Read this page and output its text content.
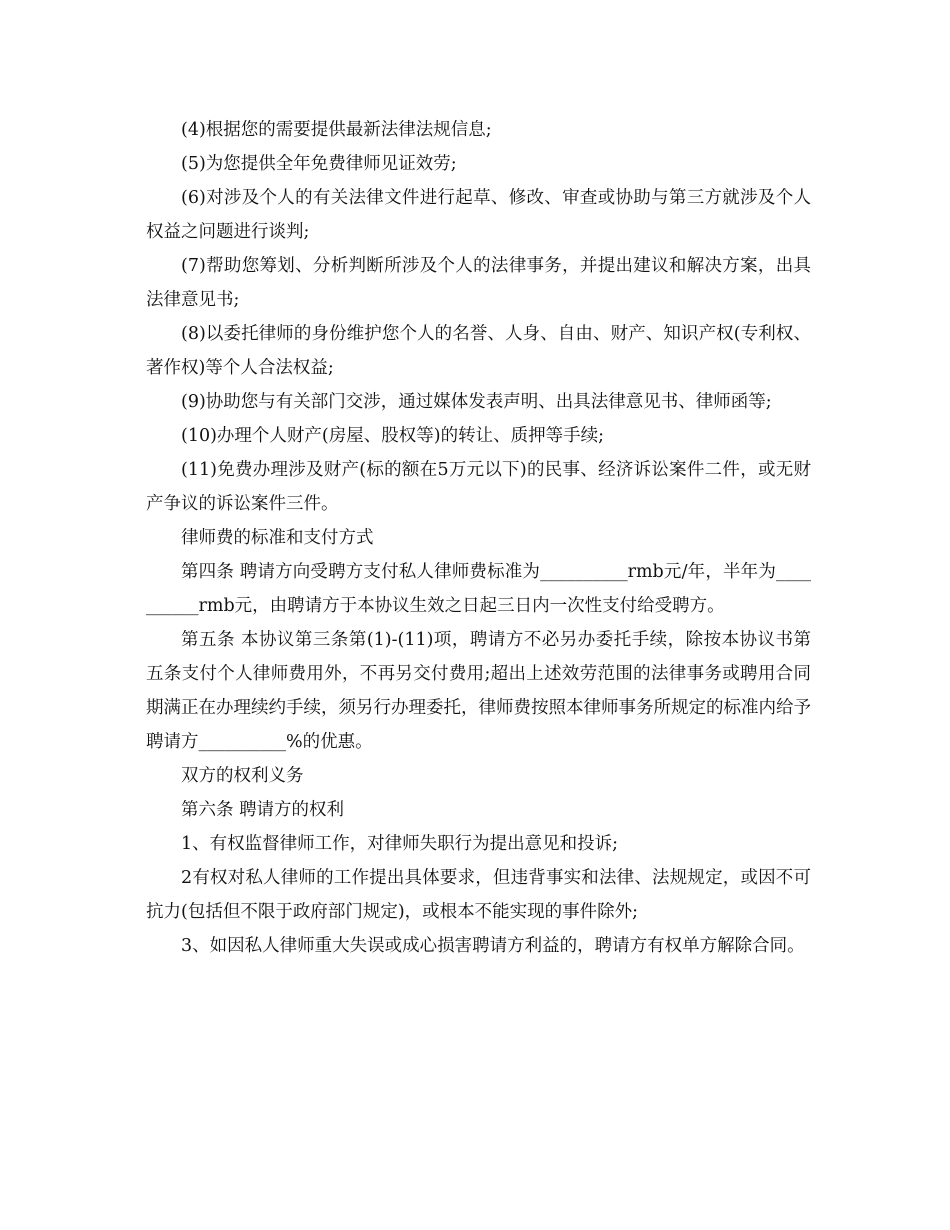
(4)根据您的需要提供最新法律法规信息;

(5)为您提供全年免费律师见证效劳;

(6)对涉及个人的有关法律文件进行起草、修改、审查或协助与第三方就涉及个人权益之问题进行谈判;

(7)帮助您筹划、分析判断所涉及个人的法律事务，并提出建议和解决方案，出具法律意见书;

(8)以委托律师的身份维护您个人的名誉、人身、自由、财产、知识产权(专利权、著作权)等个人合法权益;

(9)协助您与有关部门交涉，通过媒体发表声明、出具法律意见书、律师函等;

(10)办理个人财产(房屋、股权等)的转让、质押等手续;

(11)免费办理涉及财产(标的额在5万元以下)的民事、经济诉讼案件二件，或无财产争议的诉讼案件三件。

律师费的标准和支付方式

第四条 聘请方向受聘方支付私人律师费标准为__________rmb元/年，半年为__________rmb元，由聘请方于本协议生效之日起三日内一次性支付给受聘方。

第五条 本协议第三条第(1)-(11)项，聘请方不必另办委托手续，除按本协议书第五条支付个人律师费用外，不再另交付费用;超出上述效劳范围的法律事务或聘用合同期满正在办理续约手续，须另行办理委托，律师费按照本律师事务所规定的标准内给予聘请方__________%的优惠。

双方的权利义务

第六条 聘请方的权利

1、有权监督律师工作，对律师失职行为提出意见和投诉;

2有权对私人律师的工作提出具体要求，但违背事实和法律、法规规定，或因不可抗力(包括但不限于政府部门规定)，或根本不能实现的事件除外;

3、如因私人律师重大失误或成心损害聘请方利益的，聘请方有权单方解除合同。
